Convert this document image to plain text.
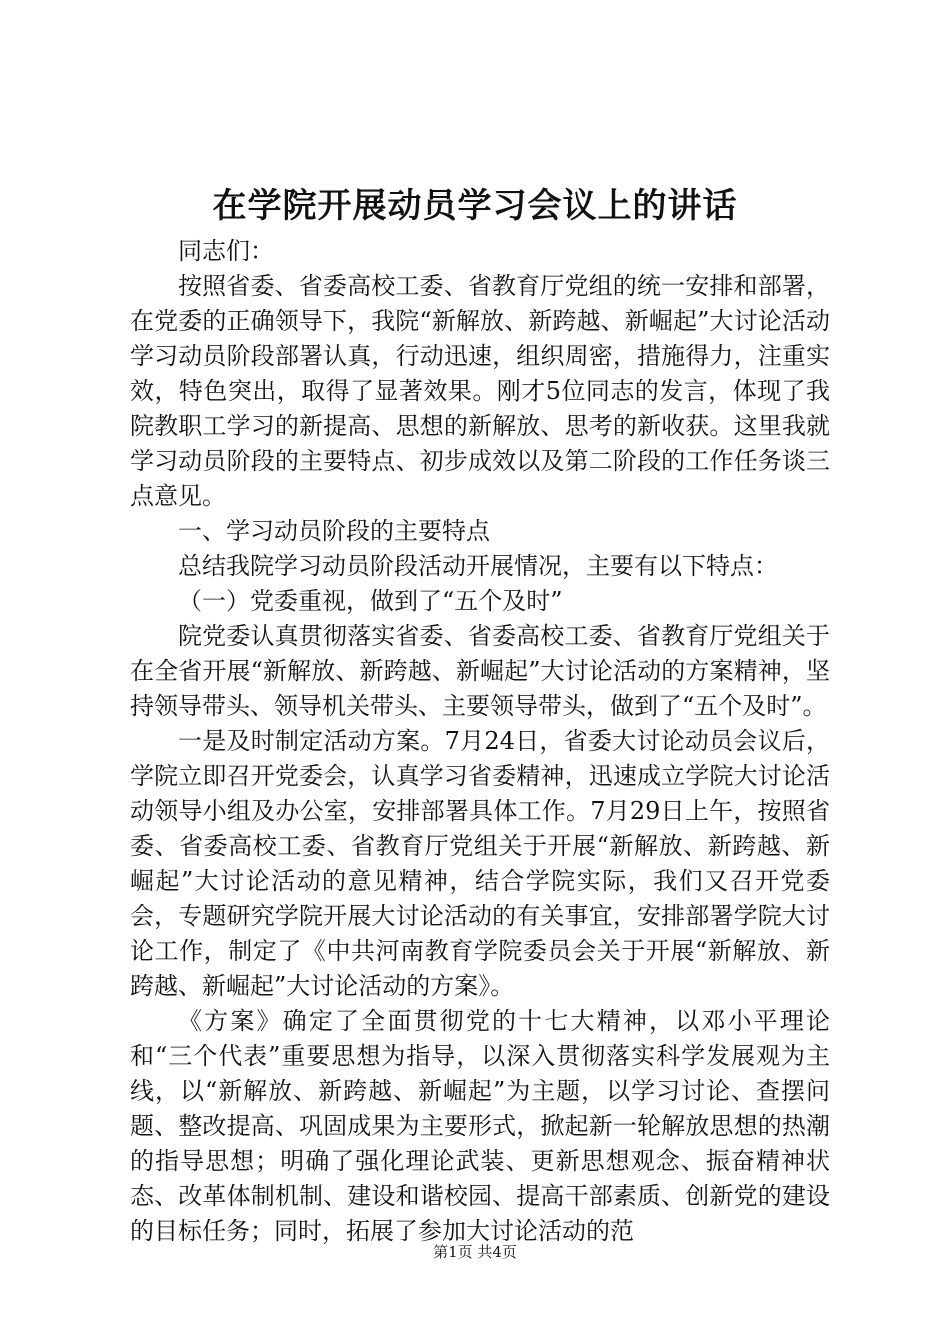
在学院开展动员学习会议上的讲话

同志们：

按照省委、省委高校工委、省教育厅党组的统一安排和部署，在党委的正确领导下，我院“新解放、新跨越、新崛起”大讨论活动学习动员阶段部署认真，行动迅速，组织周密，措施得力，注重实效，特色突出，取得了显著效果。刚才5位同志的发言，体现了我院教职工学习的新提高、思想的新解放、思考的新收获。这里我就学习动员阶段的主要特点、初步成效以及第二阶段的工作任务谈三点意见。

一、学习动员阶段的主要特点

总结我院学习动员阶段活动开展情况，主要有以下特点：

（一）党委重视，做到了“五个及时”

院党委认真贯彻落实省委、省委高校工委、省教育厅党组关于在全省开展“新解放、新跨越、新崛起”大讨论活动的方案精神，坚持领导带头、领导机关带头、主要领导带头，做到了“五个及时”。

一是及时制定活动方案。7月24日，省委大讨论动员会议后，学院立即召开党委会，认真学习省委精神，迅速成立学院大讨论活动领导小组及办公室，安排部署具体工作。7月29日上午，按照省委、省委高校工委、省教育厅党组关于开展“新解放、新跨越、新崛起”大讨论活动的意见精神，结合学院实际，我们又召开党委会，专题研究学院开展大讨论活动的有关事宜，安排部署学院大讨论工作，制定了《中共河南教育学院委员会关于开展“新解放、新跨越、新崛起”大讨论活动的方案》。

《方案》确定了全面贯彻党的十七大精神，以邓小平理论和“三个代表”重要思想为指导，以深入贯彻落实科学发展观为主线，以“新解放、新跨越、新崛起”为主题，以学习讨论、查摆问题、整改提高、巩固成果为主要形式，掀起新一轮解放思想的热潮的指导思想；明确了强化理论武装、更新思想观念、振奋精神状态、改革体制机制、建设和谐校园、提高干部素质、创新党的建设的目标任务；同时，拓展了参加大讨论活动的范

第1页 共4页
